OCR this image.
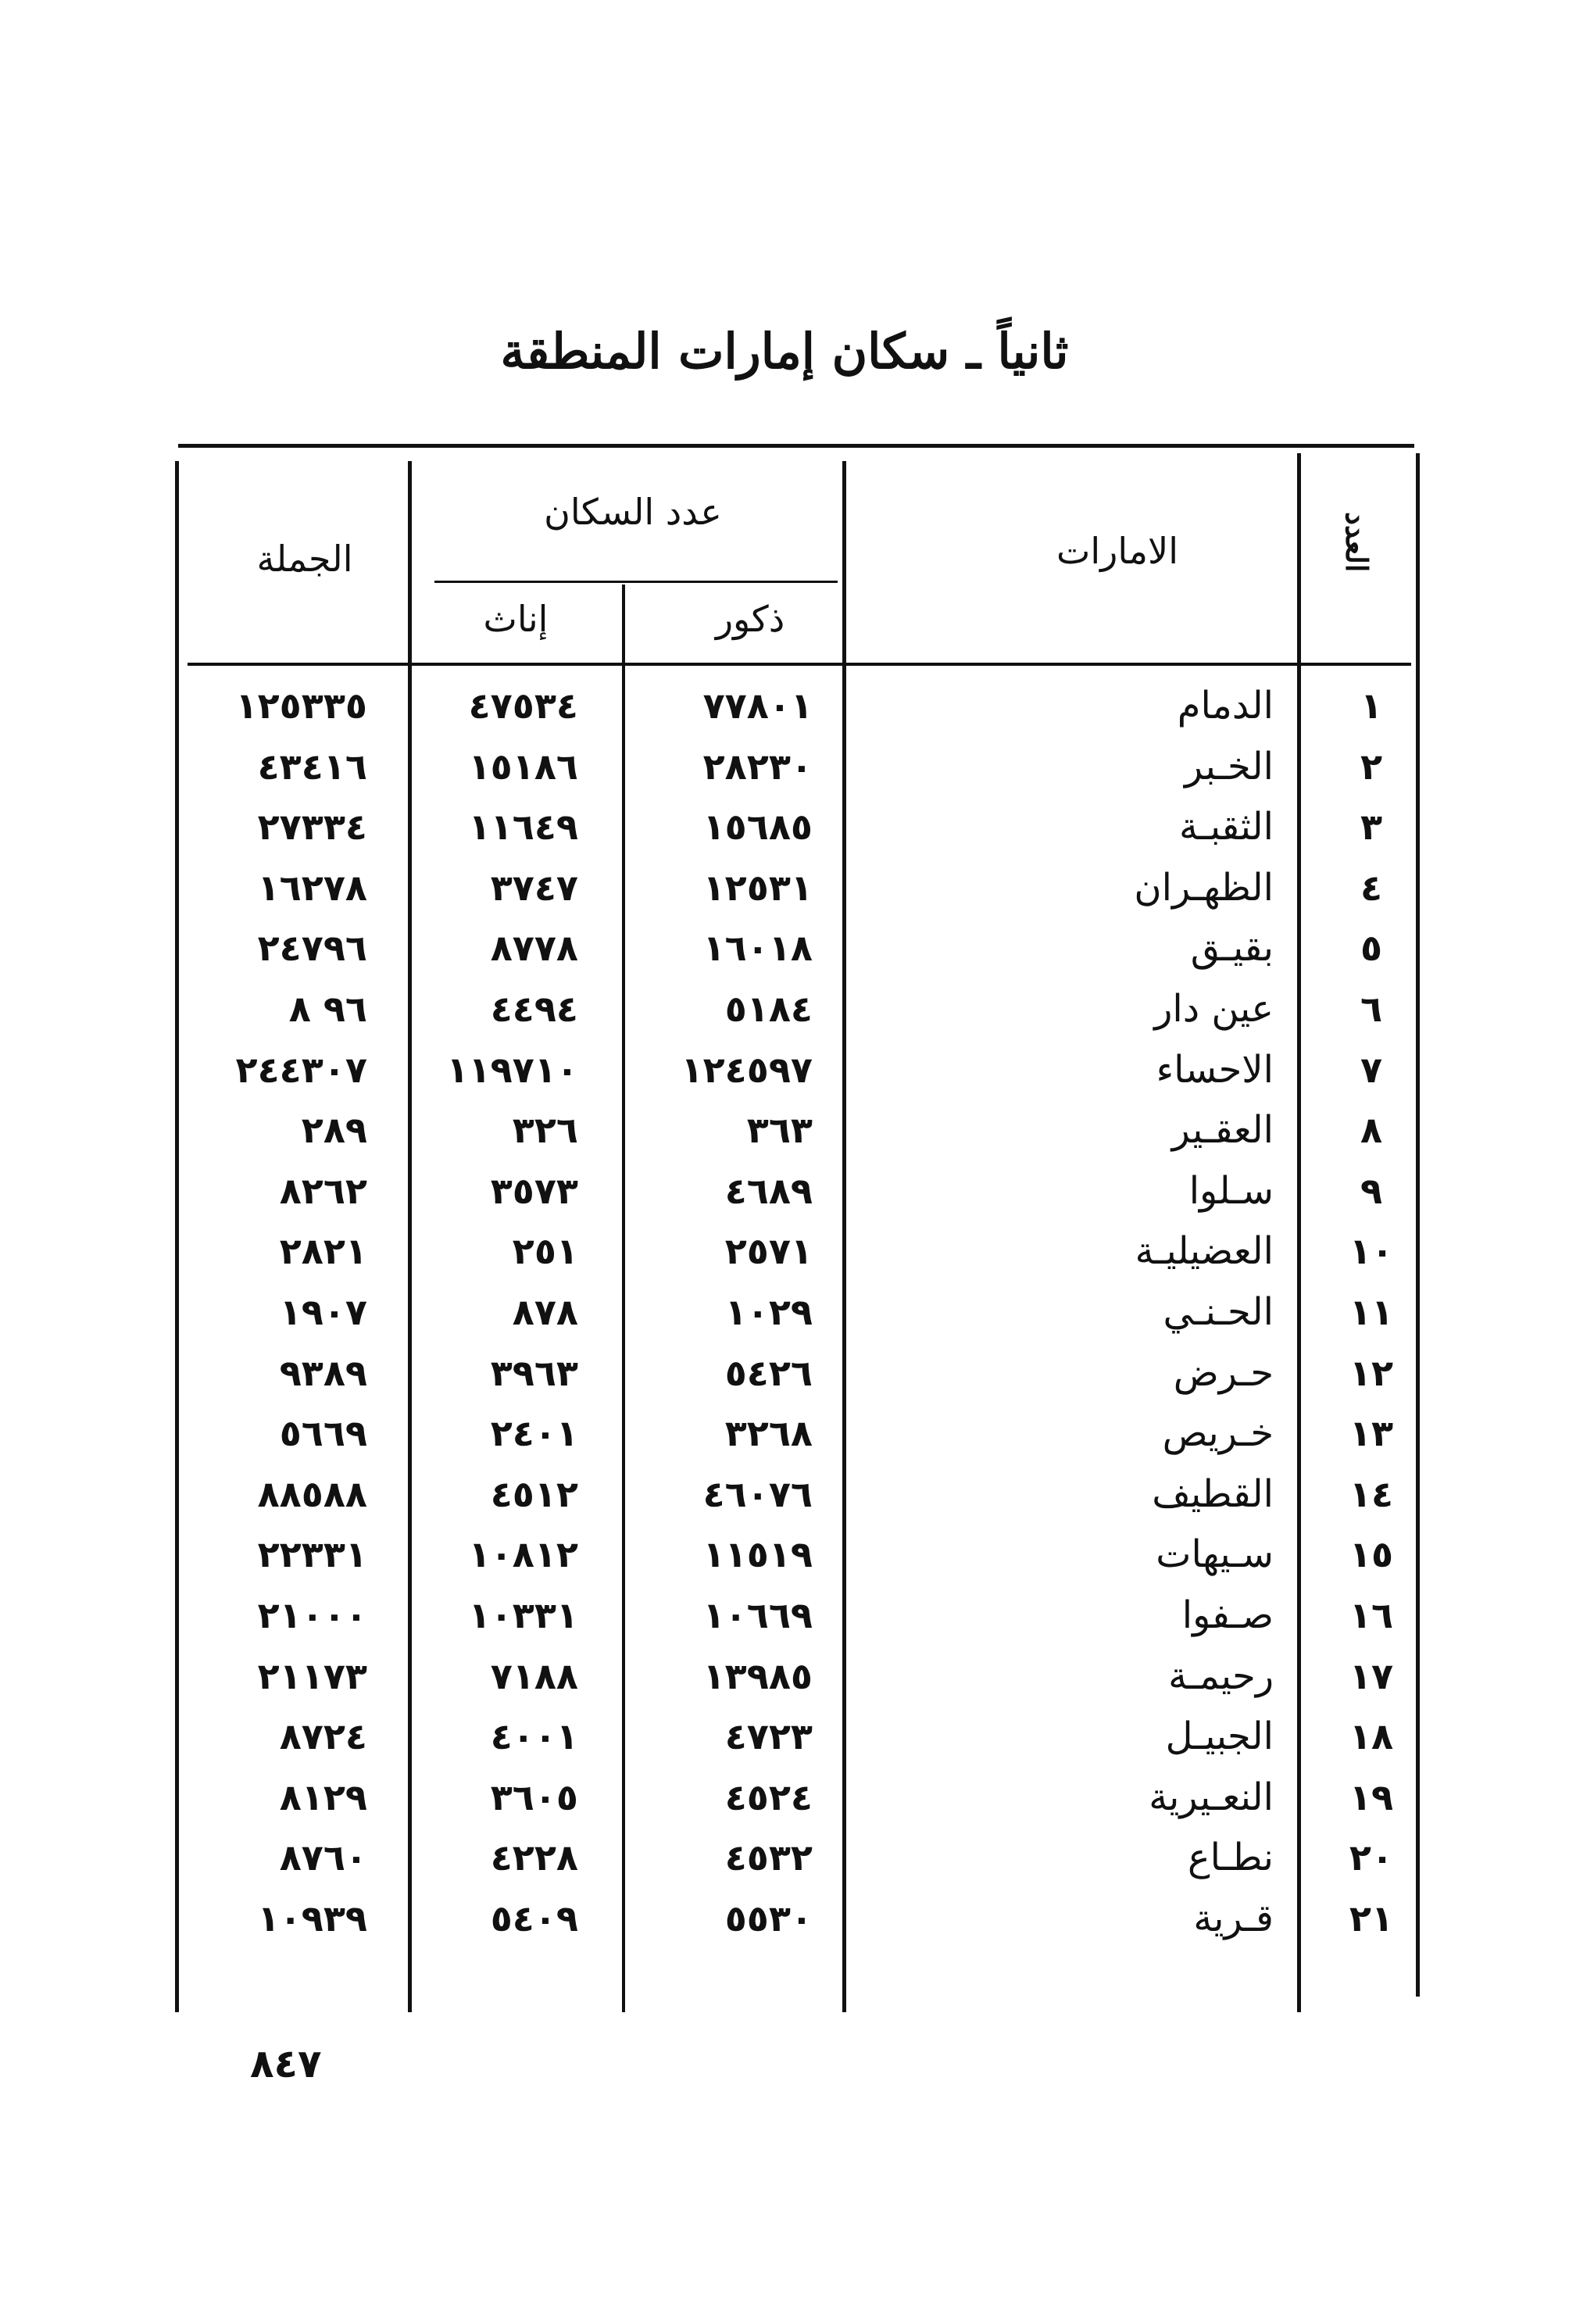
ثانياً ـ سكان إمارات المنطقة
العدد
الامارات
عدد السكان
ذكور
إناث
الجملة
١
الدمام
٧٧٨٠١
٤٧٥٣٤
١٢٥٣٣٥
٢
الخـبر
٢٨٢٣٠
١٥١٨٦
٤٣٤١٦
٣
الثقبـة
١٥٦٨٥
١١٦٤٩
٢٧٣٣٤
٤
الظهـران
١٢٥٣١
٣٧٤٧
١٦٢٧٨
٥
بقيـق
١٦٠١٨
٨٧٧٨
٢٤٧٩٦
٦
عين دار
٥١٨٤
٤٤٩٤
٩٦ ٨
٧
الاحساء
١٢٤٥٩٧
١١٩٧١٠
٢٤٤٣٠٧
٨
العقـير
٣٦٣
٣٢٦
٢٨٩
٩
سـلوا
٤٦٨٩
٣٥٧٣
٨٢٦٢
١٠
العضيليـة
٢٥٧١
٢٥١
٢٨٢١
١١
الحـنـي
١٠٢٩
٨٧٨
١٩٠٧
١٢
حـرض
٥٤٢٦
٣٩٦٣
٩٣٨٩
١٣
خـريص
٣٢٦٨
٢٤٠١
٥٦٦٩
١٤
القطيف
٤٦٠٧٦
٤٥١٢
٨٨٥٨٨
١٥
سـيهات
١١٥١٩
١٠٨١٢
٢٢٣٣١
١٦
صـفوا
١٠٦٦٩
١٠٣٣١
٢١٠٠٠
١٧
رحيمـة
١٣٩٨٥
٧١٨٨
٢١١٧٣
١٨
الجبيـل
٤٧٢٣
٤٠٠١
٨٧٢٤
١٩
النعـيرية
٤٥٢٤
٣٦٠٥
٨١٢٩
٢٠
نطـاع
٤٥٣٢
٤٢٢٨
٨٧٦٠
٢١
قـرية
٥٥٣٠
٥٤٠٩
١٠٩٣٩
٨٤٧
